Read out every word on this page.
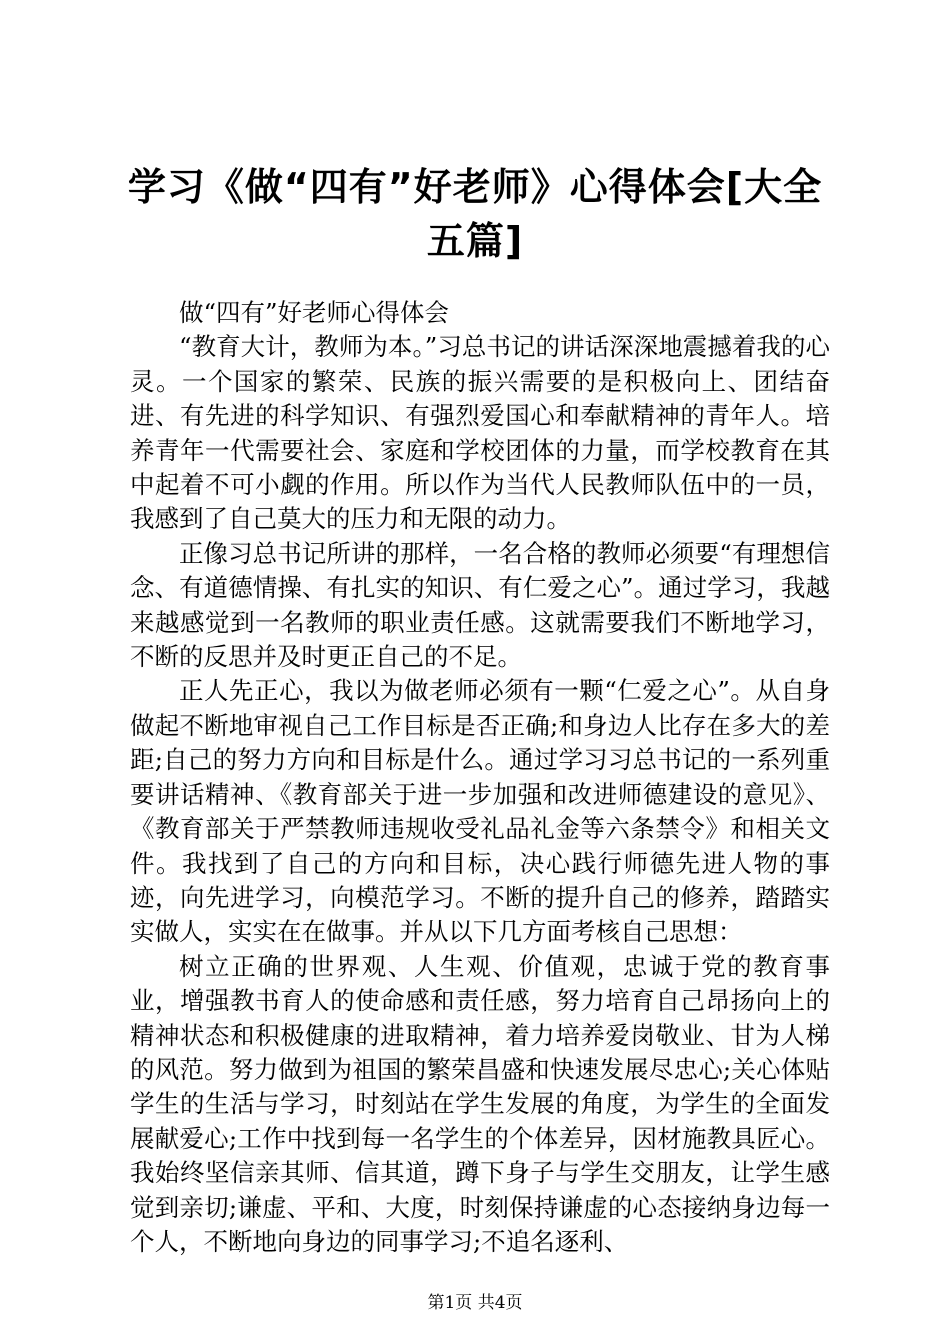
学习《做“四有”好老师》心得体会[大全五篇]

做“四有”好老师心得体会

“教育大计，教师为本。”习总书记的讲话深深地震撼着我的心灵。一个国家的繁荣、民族的振兴需要的是积极向上、团结奋进、有先进的科学知识、有强烈爱国心和奉献精神的青年人。培养青年一代需要社会、家庭和学校团体的力量，而学校教育在其中起着不可小觑的作用。所以作为当代人民教师队伍中的一员，我感到了自己莫大的压力和无限的动力。

正像习总书记所讲的那样，一名合格的教师必须要“有理想信念、有道德情操、有扎实的知识、有仁爱之心”。通过学习，我越来越感觉到一名教师的职业责任感。这就需要我们不断地学习，不断的反思并及时更正自己的不足。

正人先正心，我以为做老师必须有一颗“仁爱之心”。从自身做起不断地审视自己工作目标是否正确;和身边人比存在多大的差距;自己的努力方向和目标是什么。通过学习习总书记的一系列重要讲话精神、《教育部关于进一步加强和改进师德建设的意见》、《教育部关于严禁教师违规收受礼品礼金等六条禁令》和相关文件。我找到了自己的方向和目标，决心践行师德先进人物的事迹，向先进学习，向模范学习。不断的提升自己的修养，踏踏实实做人，实实在在做事。并从以下几方面考核自己思想：

树立正确的世界观、人生观、价值观，忠诚于党的教育事业，增强教书育人的使命感和责任感，努力培育自己昂扬向上的精神状态和积极健康的进取精神，着力培养爱岗敬业、甘为人梯的风范。努力做到为祖国的繁荣昌盛和快速发展尽忠心;关心体贴学生的生活与学习，时刻站在学生发展的角度，为学生的全面发展献爱心;工作中找到每一名学生的个体差异，因材施教具匠心。我始终坚信亲其师、信其道，蹲下身子与学生交朋友，让学生感觉到亲切;谦虚、平和、大度，时刻保持谦虚的心态接纳身边每一个人，不断地向身边的同事学习;不追名逐利、

第1页 共4页
